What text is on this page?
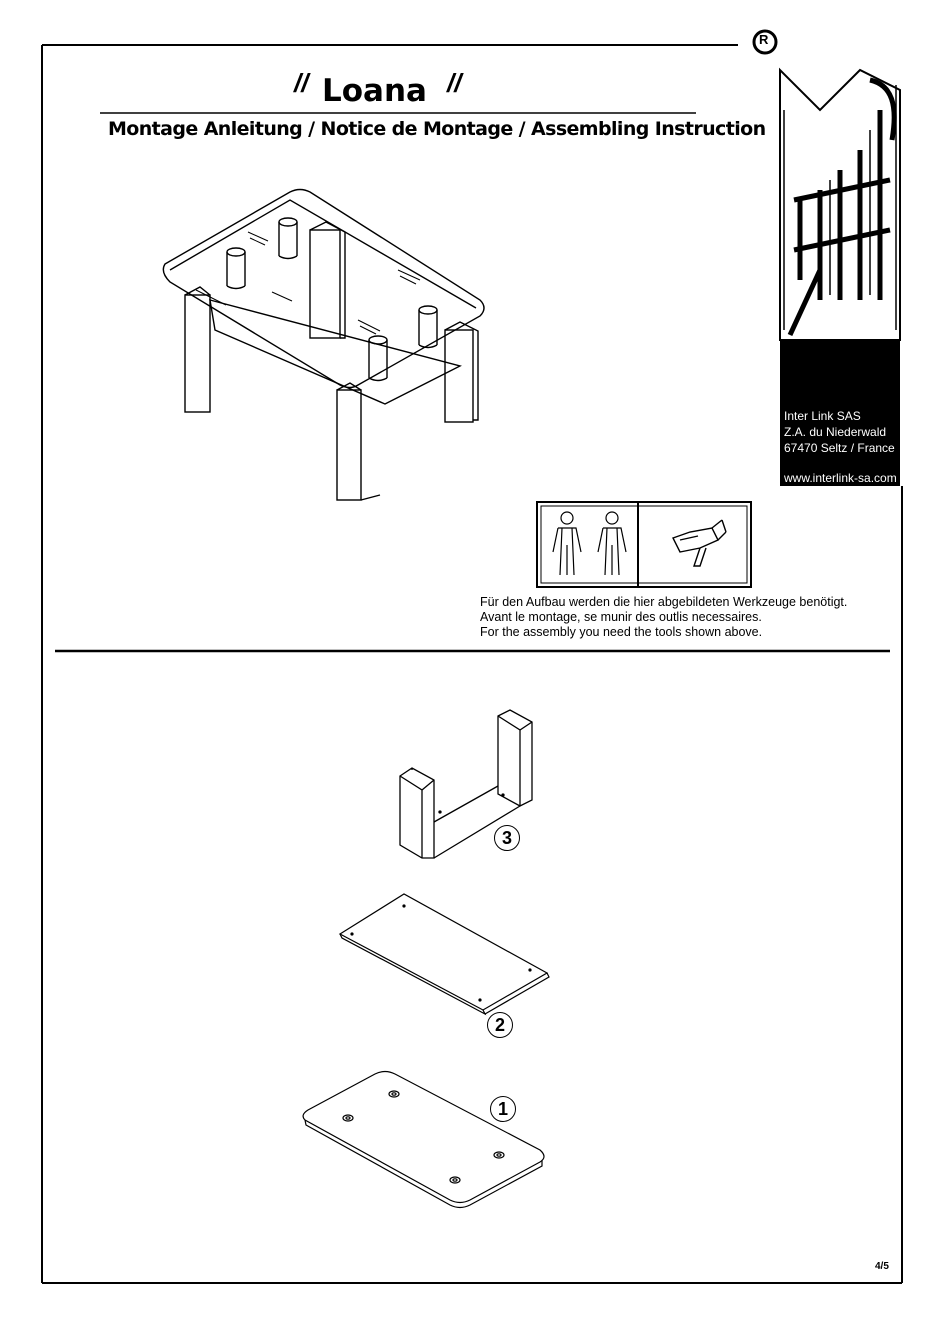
// Loana //
Montage Anleitung / Notice de Montage / Assembling Instruction
R
Inter Link SAS
Z.A. du Niederwald
67470 Seltz / France
www.interlink-sa.com
Für den Aufbau werden die hier abgebildeten Werkzeuge benötigt.
Avant le montage, se munir des outlis necessaires.
For the assembly you need the tools shown above.
3
2
1
4/5
